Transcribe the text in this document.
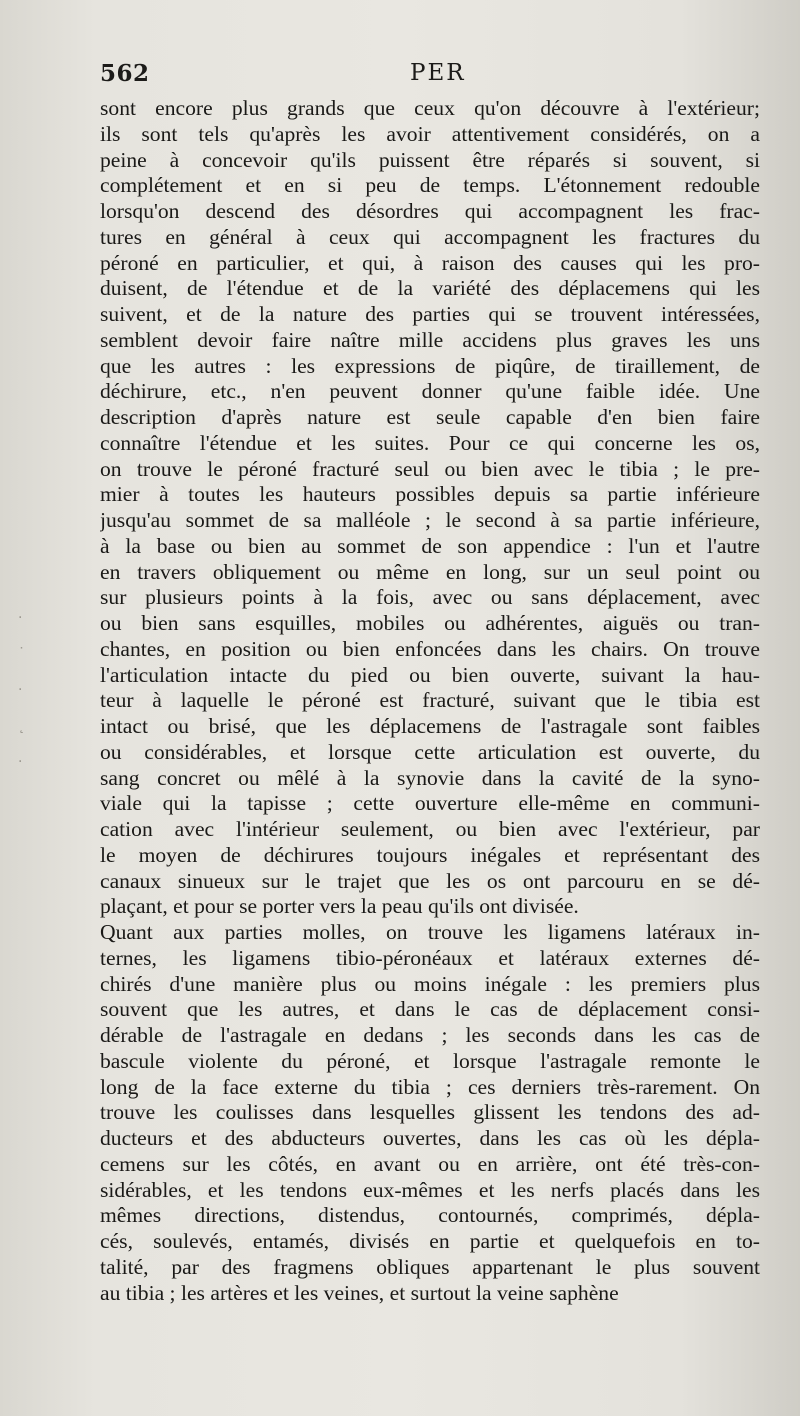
562	PER
·
˙
·
˛
·
sont encore plus grands que ceux qu'on découvre à l'extérieur;
ils sont tels qu'après les avoir attentivement considérés, on a
peine à concevoir qu'ils puissent être réparés si souvent, si
complétement et en si peu de temps. L'étonnement redouble
lorsqu'on descend des désordres qui accompagnent les frac-
tures en général à ceux qui accompagnent les fractures du
péroné en particulier, et qui, à raison des causes qui les pro-
duisent, de l'étendue et de la variété des déplacemens qui les
suivent, et de la nature des parties qui se trouvent intéressées,
semblent devoir faire naître mille accidens plus graves les uns
que les autres : les expressions de piqûre, de tiraillement, de
déchirure, etc., n'en peuvent donner qu'une faible idée. Une
description d'après nature est seule capable d'en bien faire
connaître l'étendue et les suites. Pour ce qui concerne les os,
on trouve le péroné fracturé seul ou bien avec le tibia ; le pre-
mier à toutes les hauteurs possibles depuis sa partie inférieure
jusqu'au sommet de sa malléole ; le second à sa partie inférieure,
à la base ou bien au sommet de son appendice : l'un et l'autre
en travers obliquement ou même en long, sur un seul point ou
sur plusieurs points à la fois, avec ou sans déplacement, avec
ou bien sans esquilles, mobiles ou adhérentes, aiguës ou tran-
chantes, en position ou bien enfoncées dans les chairs. On trouve
l'articulation intacte du pied ou bien ouverte, suivant la hau-
teur à laquelle le péroné est fracturé, suivant que le tibia est
intact ou brisé, que les déplacemens de l'astragale sont faibles
ou considérables, et lorsque cette articulation est ouverte, du
sang concret ou mêlé à la synovie dans la cavité de la syno-
viale qui la tapisse ; cette ouverture elle-même en communi-
cation avec l'intérieur seulement, ou bien avec l'extérieur, par
le moyen de déchirures toujours inégales et représentant des
canaux sinueux sur le trajet que les os ont parcouru en se dé-
plaçant, et pour se porter vers la peau qu'ils ont divisée.
Quant aux parties molles, on trouve les ligamens latéraux in-
ternes, les ligamens tibio-péronéaux et latéraux externes dé-
chirés d'une manière plus ou moins inégale : les premiers plus
souvent que les autres, et dans le cas de déplacement consi-
dérable de l'astragale en dedans ; les seconds dans les cas de
bascule violente du péroné, et lorsque l'astragale remonte le
long de la face externe du tibia ; ces derniers très-rarement. On
trouve les coulisses dans lesquelles glissent les tendons des ad-
ducteurs et des abducteurs ouvertes, dans les cas où les dépla-
cemens sur les côtés, en avant ou en arrière, ont été très-con-
sidérables, et les tendons eux-mêmes et les nerfs placés dans les
mêmes directions, distendus, contournés, comprimés, dépla-
cés, soulevés, entamés, divisés en partie et quelquefois en to-
talité, par des fragmens obliques appartenant le plus souvent
au tibia ; les artères et les veines, et surtout la veine saphène
